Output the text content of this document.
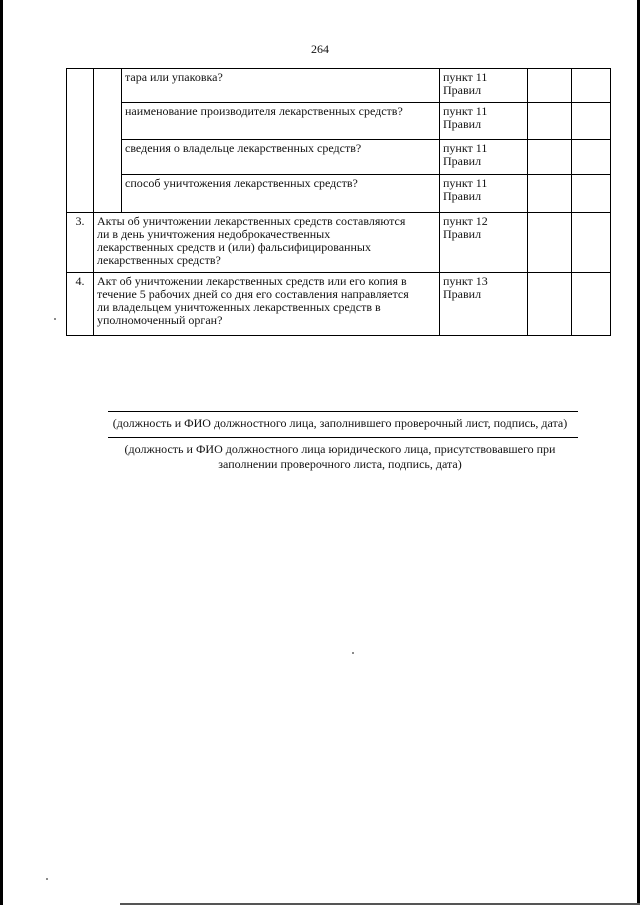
264
		тара или упаковка?	пункт 11
Правил		
		наименование производителя лекарственных средств?	пункт 11
Правил		
		сведения о владельце лекарственных средств?	пункт 11
Правил		
		способ уничтожения лекарственных средств?	пункт 11
Правил		
3.	Акты об уничтожении лекарственных средств составляются
ли в день уничтожения недоброкачественных
лекарственных средств и (или) фальсифицированных
лекарственных средств?		пункт 12
Правил		
4.	Акт об уничтожении лекарственных средств или его копия в
течение 5 рабочих дней со дня его составления направляется
ли владельцем уничтоженных лекарственных средств в
уполномоченный орган?		пункт 13
Правил		
(должность и ФИО должностного лица, заполнившего проверочный лист, подпись, дата)
(должность и ФИО должностного лица юридического лица, присутствовавшего при
заполнении проверочного листа, подпись, дата)
